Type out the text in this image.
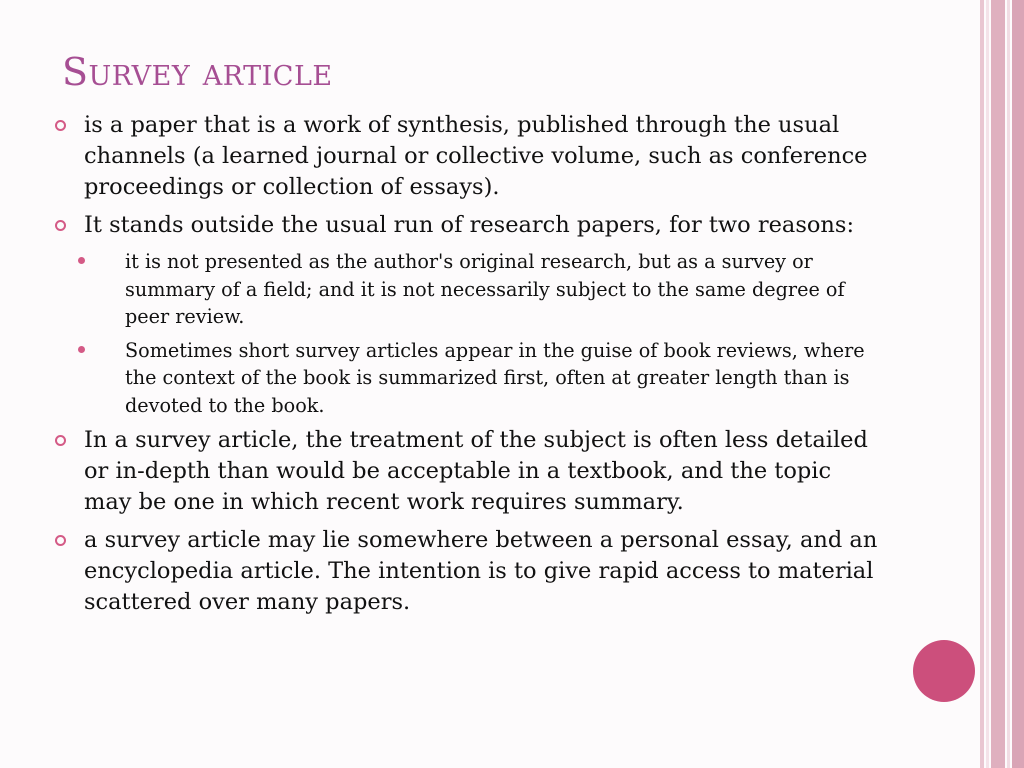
Survey article
is a paper that is a work of synthesis, published through the usual channels (a learned journal or collective volume, such as conference proceedings or collection of essays).
It stands outside the usual run of research papers, for two reasons:
it is not presented as the author's original research, but as a survey or summary of a field; and it is not necessarily subject to the same degree of peer review.
Sometimes short survey articles appear in the guise of book reviews, where the context of the book is summarized first, often at greater length than is devoted to the book.
In a survey article, the treatment of the subject is often less detailed or in-depth than would be acceptable in a textbook, and the topic may be one in which recent work requires summary.
a survey article may lie somewhere between a personal essay, and an encyclopedia article. The intention is to give rapid access to material scattered over many papers.
